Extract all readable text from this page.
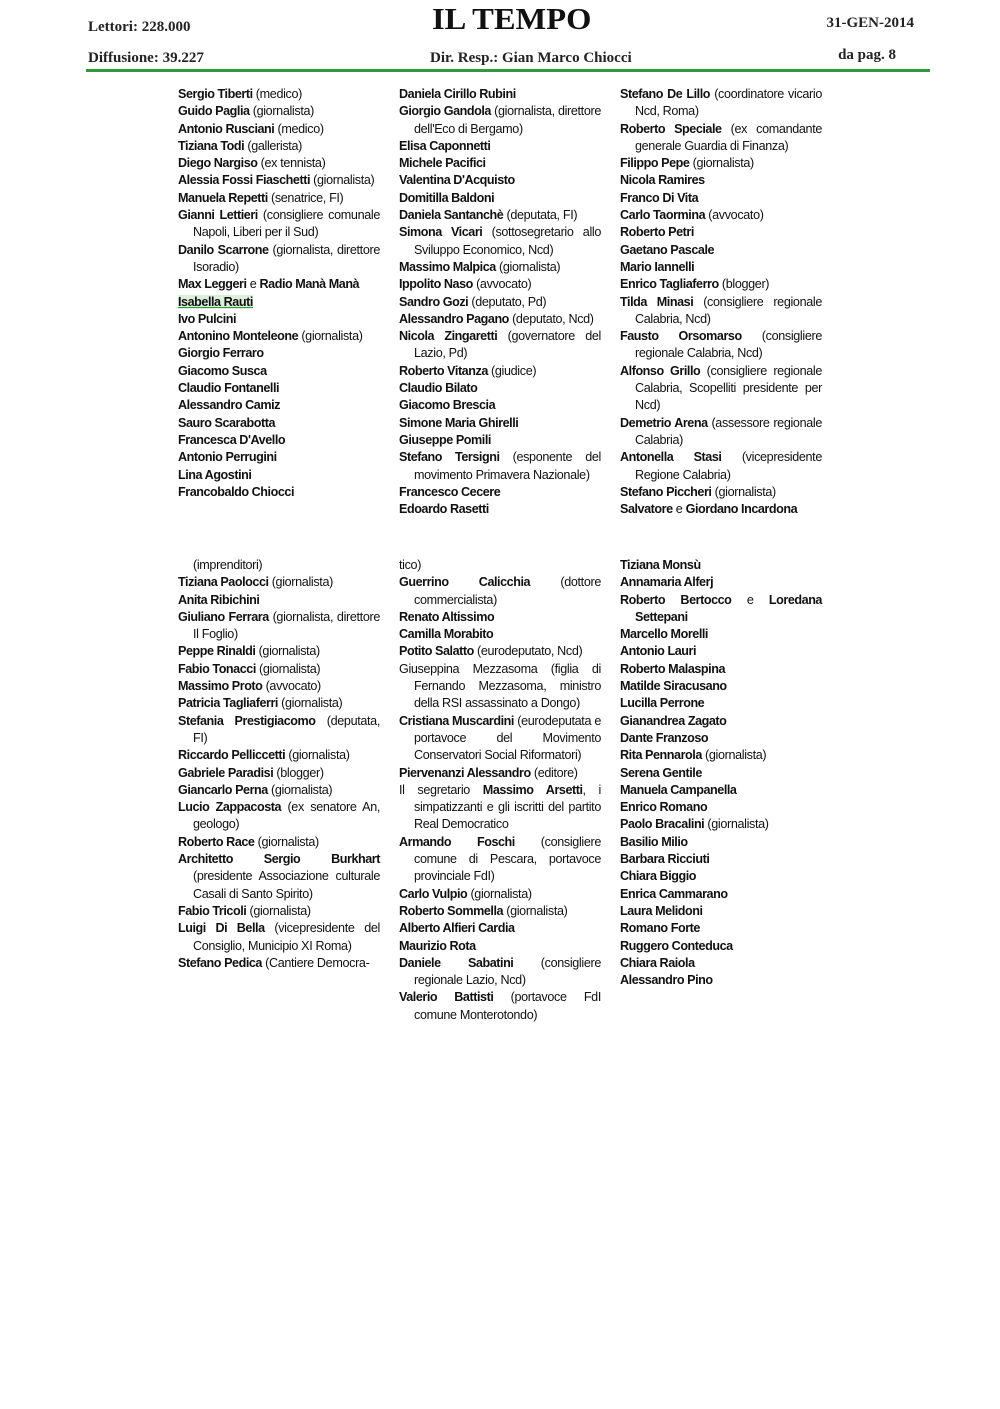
Lettori: 228.000
Diffusione: 39.227
IL TEMPO
Dir. Resp.: Gian Marco Chiocci
31-GEN-2014
da pag. 8
Sergio Tiberti (medico)
Guido Paglia (giornalista)
Antonio Rusciani (medico)
Tiziana Todi (gallerista)
Diego Nargiso (ex tennista)
Alessia Fossi Fiaschetti (giornalista)
Manuela Repetti (senatrice, FI)
Gianni Lettieri (consigliere comunale Napoli, Liberi per il Sud)
Danilo Scarrone (giornalista, direttore Isoradio)
Max Leggeri e Radio Manà Manà
Isabella Rauti
Ivo Pulcini
Antonino Monteleone (giornalista)
Giorgio Ferraro
Giacomo Susca
Claudio Fontanelli
Alessandro Camiz
Sauro Scarabotta
Francesca D'Avello
Antonio Perrugini
Lina Agostini
Francobaldo Chiocci
Daniela Cirillo Rubini
Giorgio Gandola (giornalista, direttore dell'Eco di Bergamo)
Elisa Caponnetti
Michele Pacifici
Valentina D'Acquisto
Domitilla Baldoni
Daniela Santanchè (deputata, FI)
Simona Vicari (sottosegretario allo Sviluppo Economico, Ncd)
Massimo Malpica (giornalista)
Ippolito Naso (avvocato)
Sandro Gozi (deputato, Pd)
Alessandro Pagano (deputato, Ncd)
Nicola Zingaretti (governatore del Lazio, Pd)
Roberto Vitanza (giudice)
Claudio Bilato
Giacomo Brescia
Simone Maria Ghirelli
Giuseppe Pomili
Stefano Tersigni (esponente del movimento Primavera Nazionale)
Francesco Cecere
Edoardo Rasetti
Stefano De Lillo (coordinatore vicario Ncd, Roma)
Roberto Speciale (ex comandante generale Guardia di Finanza)
Filippo Pepe (giornalista)
Nicola Ramires
Franco Di Vita
Carlo Taormina (avvocato)
Roberto Petri
Gaetano Pascale
Mario Iannelli
Enrico Tagliaferro (blogger)
Tilda Minasi (consigliere regionale Calabria, Ncd)
Fausto Orsomarso (consigliere regionale Calabria, Ncd)
Alfonso Grillo (consigliere regionale Calabria, Scopelliti presidente per Ncd)
Demetrio Arena (assessore regionale Calabria)
Antonella Stasi (vicepresidente Regione Calabria)
Stefano Piccheri (giornalista)
Salvatore e Giordano Incardona
(imprenditori)
Tiziana Paolocci (giornalista)
Anita Ribichini
Giuliano Ferrara (giornalista, direttore Il Foglio)
Peppe Rinaldi (giornalista)
Fabio Tonacci (giornalista)
Massimo Proto (avvocato)
Patricia Tagliaferri (giornalista)
Stefania Prestigiacomo (deputata, FI)
Riccardo Pelliccetti (giornalista)
Gabriele Paradisi (blogger)
Giancarlo Perna (giornalista)
Lucio Zappacosta (ex senatore An, geologo)
Roberto Race (giornalista)
Architetto Sergio Burkhart (presidente Associazione culturale Casali di Santo Spirito)
Fabio Tricoli (giornalista)
Luigi Di Bella (vicepresidente del Consiglio, Municipio XI Roma)
Stefano Pedica (Cantiere Democra-
tico)
Guerrino Calicchia (dottore commercialista)
Renato Altissimo
Camilla Morabito
Potito Salatto (eurodeputato, Ncd)
Giuseppina Mezzasoma (figlia di Fernando Mezzasoma, ministro della RSI assassinato a Dongo)
Cristiana Muscardini (eurodeputata e portavoce del Movimento Conservatori Social Riformatori)
Piervenanzi Alessandro (editore)
Il segretario Massimo Arsetti, i simpatizzanti e gli iscritti del partito Real Democratico
Armando Foschi (consigliere comune di Pescara, portavoce provinciale FdI)
Carlo Vulpio (giornalista)
Roberto Sommella (giornalista)
Alberto Alfieri Cardia
Maurizio Rota
Daniele Sabatini (consigliere regionale Lazio, Ncd)
Valerio Battisti (portavoce FdI comune Monterotondo)
Tiziana Monsù
Annamaria Alferj
Roberto Bertocco e Loredana Settepani
Marcello Morelli
Antonio Lauri
Roberto Malaspina
Matilde Siracusano
Lucilla Perrone
Gianandrea Zagato
Dante Franzoso
Rita Pennarola (giornalista)
Serena Gentile
Manuela Campanella
Enrico Romano
Paolo Bracalini (giornalista)
Basilio Milio
Barbara Ricciuti
Chiara Biggio
Enrica Cammarano
Laura Melidoni
Romano Forte
Ruggero Conteduca
Chiara Raiola
Alessandro Pino
